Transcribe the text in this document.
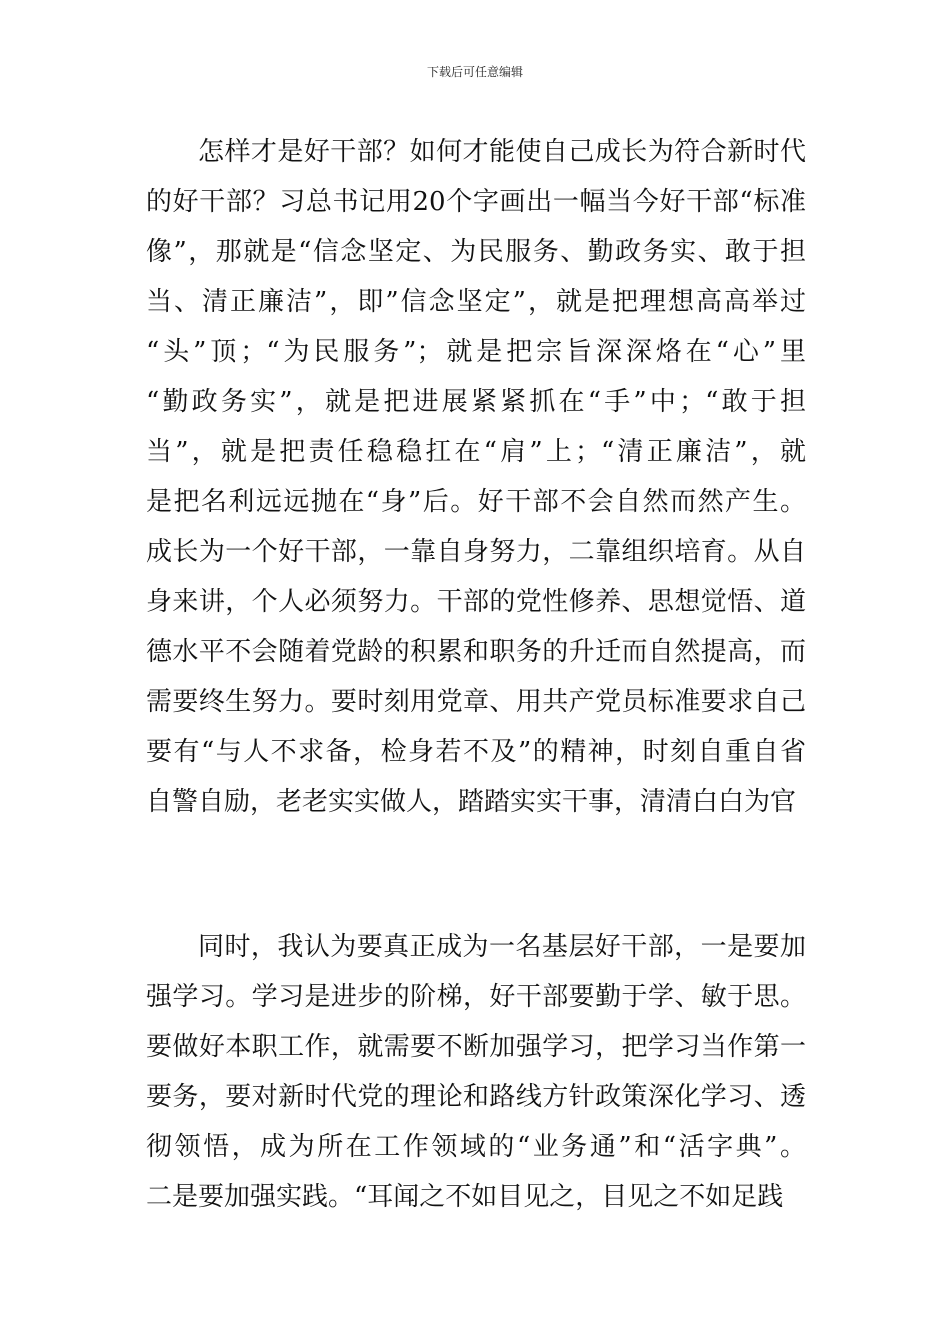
下载后可任意编辑
怎样才是好干部？如何才能使自己成长为符合新时代
的好干部？习总书记用20个字画出一幅当今好干部“标准
像”，那就是“信念坚定、为民服务、勤政务实、敢于担
当、清正廉洁”，即”信念坚定”，就是把理想高高举过
“头”顶；“为民服务”；就是把宗旨深深烙在“心”里
“勤政务实”，就是把进展紧紧抓在“手”中；“敢于担
当”，就是把责任稳稳扛在“肩”上；“清正廉洁”，就
是把名利远远抛在“身”后。好干部不会自然而然产生。
成长为一个好干部，一靠自身努力，二靠组织培育。从自
身来讲，个人必须努力。干部的党性修养、思想觉悟、道
德水平不会随着党龄的积累和职务的升迁而自然提高，而
需要终生努力。要时刻用党章、用共产党员标准要求自己
要有“与人不求备，检身若不及”的精神，时刻自重自省
自警自励，老老实实做人，踏踏实实干事，清清白白为官
同时，我认为要真正成为一名基层好干部，一是要加
强学习。学习是进步的阶梯，好干部要勤于学、敏于思。
要做好本职工作，就需要不断加强学习，把学习当作第一
要务，要对新时代党的理论和路线方针政策深化学习、透
彻领悟，成为所在工作领域的“业务通”和“活字典”。
二是要加强实践。“耳闻之不如目见之，目见之不如足践
